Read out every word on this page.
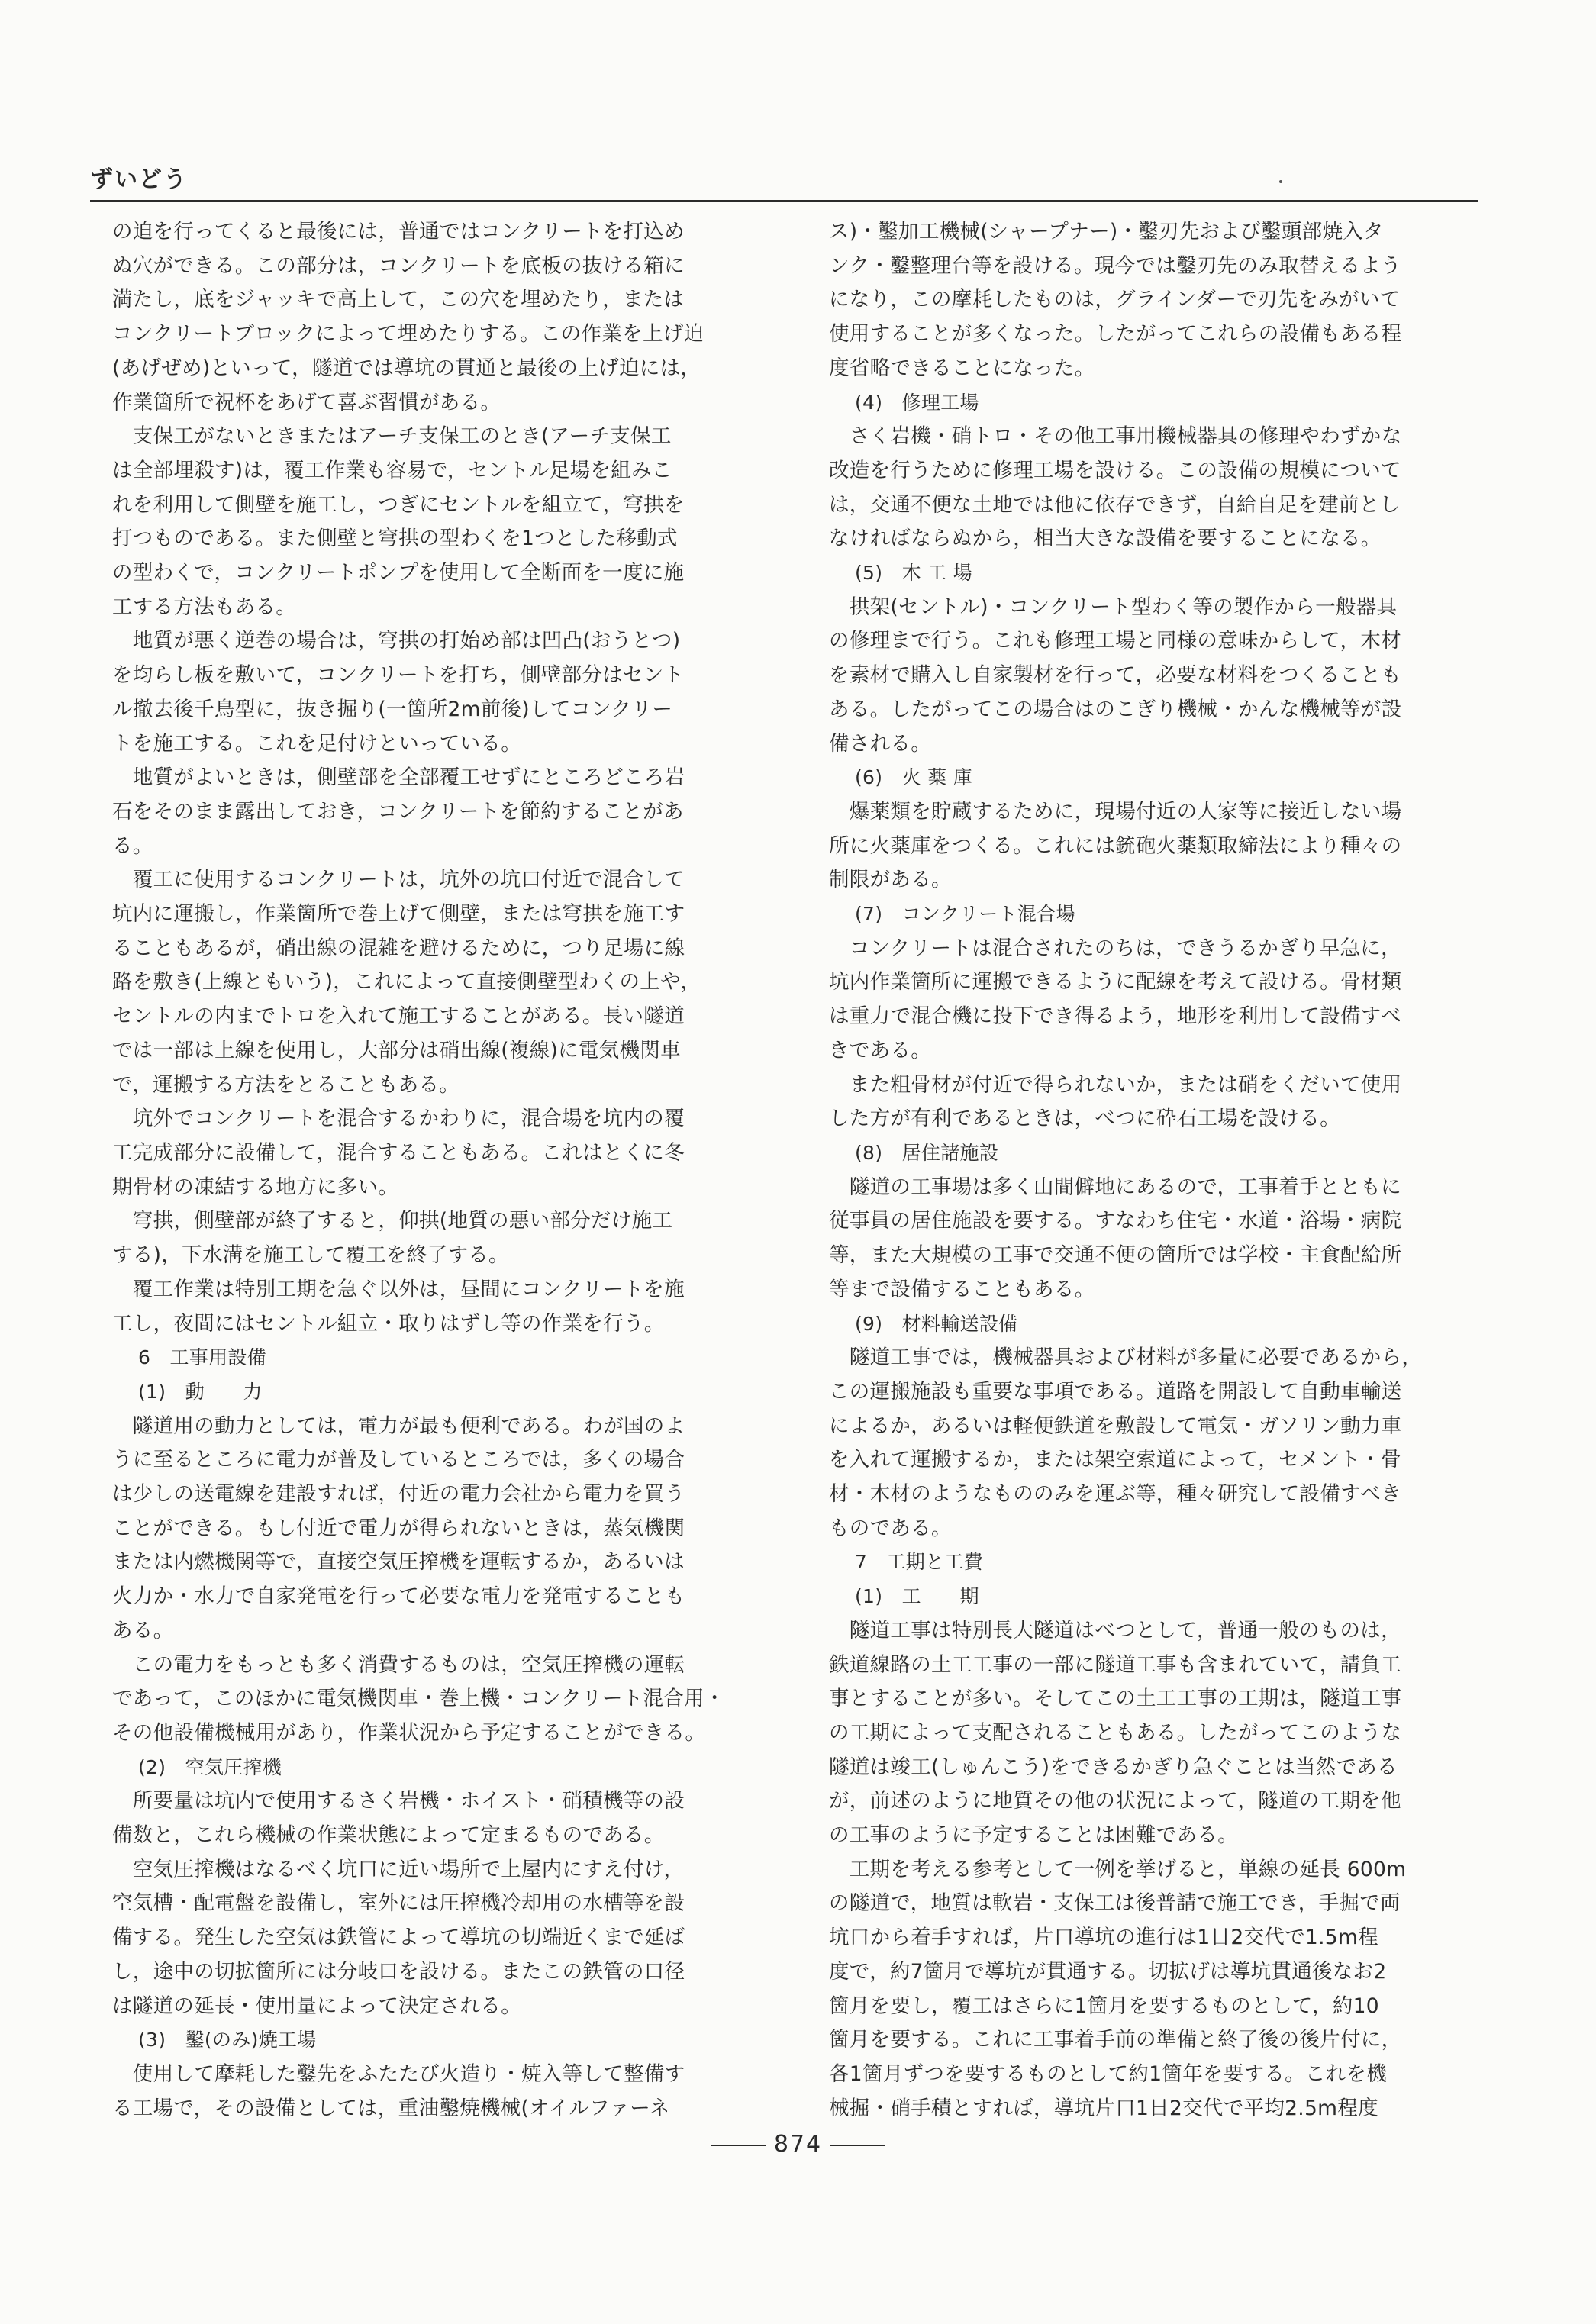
ずいどう

の迫を行ってくると最後には，普通ではコンクリートを打込め
ぬ穴ができる。この部分は，コンクリートを底板の抜ける箱に
満たし，底をジャッキで高上して，この穴を埋めたり，または
コンクリートブロックによって埋めたりする。この作業を上げ迫
(あげぜめ)といって，隧道では導坑の貫通と最後の上げ迫には，
作業箇所で祝杯をあげて喜ぶ習慣がある。

　支保工がないときまたはアーチ支保工のとき(アーチ支保工
は全部埋殺す)は，覆工作業も容易で，セントル足場を組みこ
れを利用して側壁を施工し，つぎにセントルを組立て，穹拱を
打つものである。また側壁と穹拱の型わくを1つとした移動式
の型わくで，コンクリートポンプを使用して全断面を一度に施
工する方法もある。

　地質が悪く逆巻の場合は，穹拱の打始め部は凹凸(おうとつ)
を均らし板を敷いて，コンクリートを打ち，側壁部分はセント
ル撤去後千鳥型に，抜き掘り(一箇所2m前後)してコンクリー
トを施工する。これを足付けといっている。

　地質がよいときは，側壁部を全部覆工せずにところどころ岩
石をそのまま露出しておき，コンクリートを節約することがあ
る。

　覆工に使用するコンクリートは，坑外の坑口付近で混合して
坑内に運搬し，作業箇所で巻上げて側壁，または穹拱を施工す
ることもあるが，硝出線の混雑を避けるために，つり足場に線
路を敷き(上線ともいう)，これによって直接側壁型わくの上や，
セントルの内までトロを入れて施工することがある。長い隧道
では一部は上線を使用し，大部分は硝出線(複線)に電気機関車
で，運搬する方法をとることもある。

　坑外でコンクリートを混合するかわりに，混合場を坑内の覆
工完成部分に設備して，混合することもある。これはとくに冬
期骨材の凍結する地方に多い。

　穹拱，側壁部が終了すると，仰拱(地質の悪い部分だけ施工
する)，下水溝を施工して覆工を終了する。

　覆工作業は特別工期を急ぐ以外は，昼間にコンクリートを施
工し，夜間にはセントル組立・取りはずし等の作業を行う。

6　工事用設備

(1)　動　　力

　隧道用の動力としては，電力が最も便利である。わが国のよ
うに至るところに電力が普及しているところでは，多くの場合
は少しの送電線を建設すれば，付近の電力会社から電力を買う
ことができる。もし付近で電力が得られないときは，蒸気機関
または内燃機関等で，直接空気圧搾機を運転するか，あるいは
火力か・水力で自家発電を行って必要な電力を発電することも
ある。

　この電力をもっとも多く消費するものは，空気圧搾機の運転
であって，このほかに電気機関車・巻上機・コンクリート混合用・
その他設備機械用があり，作業状況から予定することができる。

(2)　空気圧搾機

　所要量は坑内で使用するさく岩機・ホイスト・硝積機等の設
備数と，これら機械の作業状態によって定まるものである。

　空気圧搾機はなるべく坑口に近い場所で上屋内にすえ付け，
空気槽・配電盤を設備し，室外には圧搾機冷却用の水槽等を設
備する。発生した空気は鉄管によって導坑の切端近くまで延ば
し，途中の切拡箇所には分岐口を設ける。またこの鉄管の口径
は隧道の延長・使用量によって決定される。

(3)　鑿(のみ)焼工場

　使用して摩耗した鑿先をふたたび火造り・焼入等して整備す
る工場で，その設備としては，重油鑿焼機械(オイルファーネ

ス)・鑿加工機械(シャープナー)・鑿刃先および鑿頭部焼入タ
ンク・鑿整理台等を設ける。現今では鑿刃先のみ取替えるよう
になり，この摩耗したものは，グラインダーで刃先をみがいて
使用することが多くなった。したがってこれらの設備もある程
度省略できることになった。

(4)　修理工場

　さく岩機・硝トロ・その他工事用機械器具の修理やわずかな
改造を行うために修理工場を設ける。この設備の規模について
は，交通不便な土地では他に依存できず，自給自足を建前とし
なければならぬから，相当大きな設備を要することになる。

(5)　木 工 場

　拱架(セントル)・コンクリート型わく等の製作から一般器具
の修理まで行う。これも修理工場と同様の意味からして，木材
を素材で購入し自家製材を行って，必要な材料をつくることも
ある。したがってこの場合はのこぎり機械・かんな機械等が設
備される。

(6)　火 薬 庫

　爆薬類を貯蔵するために，現場付近の人家等に接近しない場
所に火薬庫をつくる。これには銃砲火薬類取締法により種々の
制限がある。

(7)　コンクリート混合場

　コンクリートは混合されたのちは，できうるかぎり早急に，
坑内作業箇所に運搬できるように配線を考えて設ける。骨材類
は重力で混合機に投下でき得るよう，地形を利用して設備すべ
きである。

　また粗骨材が付近で得られないか，または硝をくだいて使用
した方が有利であるときは，べつに砕石工場を設ける。

(8)　居住諸施設

　隧道の工事場は多く山間僻地にあるので，工事着手とともに
従事員の居住施設を要する。すなわち住宅・水道・浴場・病院
等，また大規模の工事で交通不便の箇所では学校・主食配給所
等まで設備することもある。

(9)　材料輸送設備

　隧道工事では，機械器具および材料が多量に必要であるから，
この運搬施設も重要な事項である。道路を開設して自動車輸送
によるか，あるいは軽便鉄道を敷設して電気・ガソリン動力車
を入れて運搬するか，または架空索道によって，セメント・骨
材・木材のようなもののみを運ぶ等，種々研究して設備すべき
ものである。

7　工期と工費

(1)　工　　期

　隧道工事は特別長大隧道はべつとして，普通一般のものは，
鉄道線路の土工工事の一部に隧道工事も含まれていて，請負工
事とすることが多い。そしてこの土工工事の工期は，隧道工事
の工期によって支配されることもある。したがってこのような
隧道は竣工(しゅんこう)をできるかぎり急ぐことは当然である
が，前述のように地質その他の状況によって，隧道の工期を他
の工事のように予定することは困難である。

　工期を考える参考として一例を挙げると，単線の延長 600m
の隧道で，地質は軟岩・支保工は後普請で施工でき，手掘で両
坑口から着手すれば，片口導坑の進行は1日2交代で1.5m程
度で，約7箇月で導坑が貫通する。切拡げは導坑貫通後なお2
箇月を要し，覆工はさらに1箇月を要するものとして，約10
箇月を要する。これに工事着手前の準備と終了後の後片付に，
各1箇月ずつを要するものとして約1箇年を要する。これを機
械掘・硝手積とすれば，導坑片口1日2交代で平均2.5m程度

874
